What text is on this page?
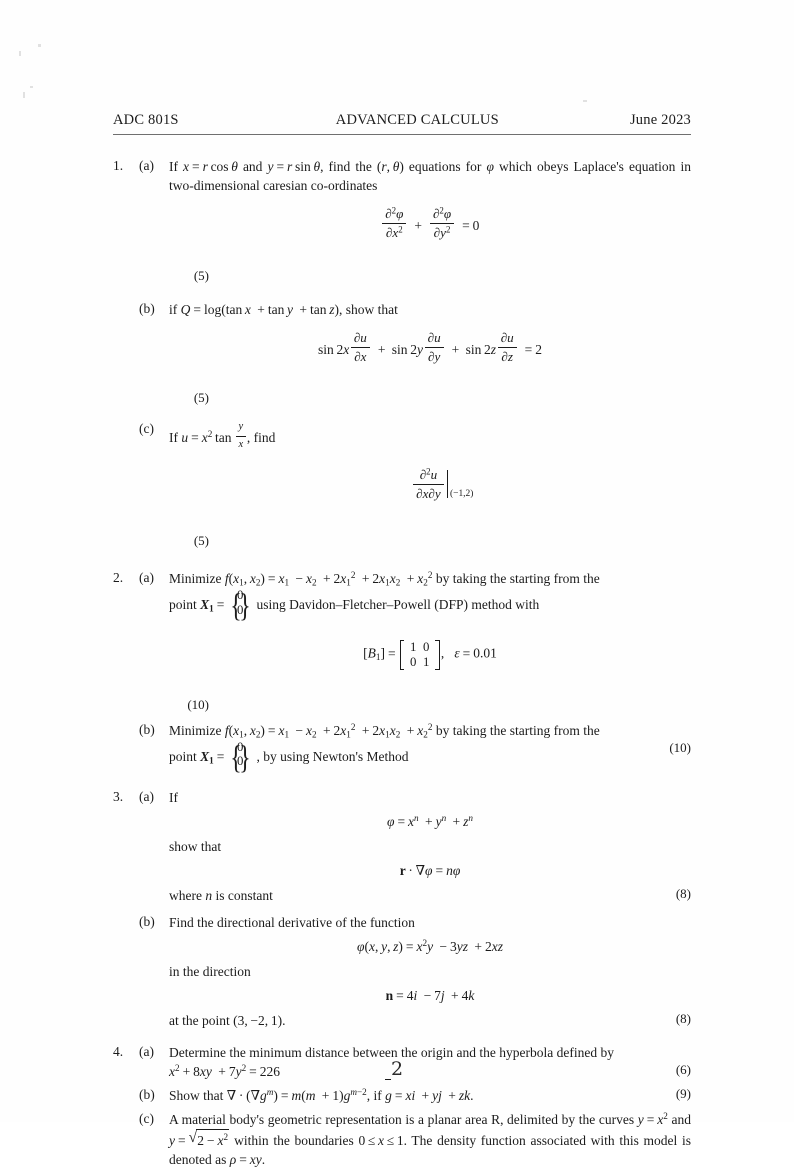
ADC 801S	ADVANCED CALCULUS	June 2023
1.	(a)	If x = r  cos  θ and y = r  sin  θ, find the (r, θ) equations for φ which obeys Laplace's equation in two-dimensional caresian co-ordinates
$\frac{\partial^2\varphi}{\partial x^2} + \frac{\partial^2\varphi}{\partial y^2} = 0$
(5)
(b)	if Q = log(tan  x + tan  y + tan  z), show that
$\sin 2x \frac{\partial u}{\partial x} + \sin 2y \frac{\partial u}{\partial y} + \sin 2z \frac{\partial u}{\partial z} = 2$
(5)
(c)
If $u = x^2$  $\tan \frac{y}{x}$ , find
$\frac{\partial^2u}{\partial x\partial y} (-1,2)$
(5)
2.	(a)	Minimize $f(x_1$, $x_2) = x_1 - x_2 + 2x_1^2 + 2x_1x_2 + x_2^2$ by taking the starting from the
point $X_1$ =
{ 0
0
} using Davidon–Fletcher–Powell (DFP) method with
$[B_1] = 1$	0
0	1
,   ε = 0.01
(10)
(b)	Minimize $f(x_1$, $x_2) = x_1 - x_2 + 2x_1^2 + 2x_1x_2 + x_2^2$ by taking the starting from the
(10)
point $X_1$ =
{ 0
0
} , by using Newton's Method
3.	(a)	If
$\varphi = x^n + y^n + z^n$
show that
r · ∇φ = nφ
(8)
where n is constant
(b)	Find the directional derivative of the function
φ(x, y, $z) = x^2y - 3yz + 2xz$
in the direction
n = 4i − 7j + 4k
(8)
at the point (3, −2, 1).
4.	(a)	Determine the minimum distance between the origin and the hyperbola defined by
(6)
$x^2 + 8xy + 7y^2 = 226$
(b)	(9)
Show that ∇ · $(\nabla g^m) = m(m + 1)g^{m-2}$, if g = xi + yj + zk.
(c)	A material body's geometric representation is a planar area R, delimited by the curves $y = x^2$ and y = √ $2 - x^2$ within the boundaries 0 ≤ x ≤ 1. The density function associated with this model is denoted as ρ = xy.
2
